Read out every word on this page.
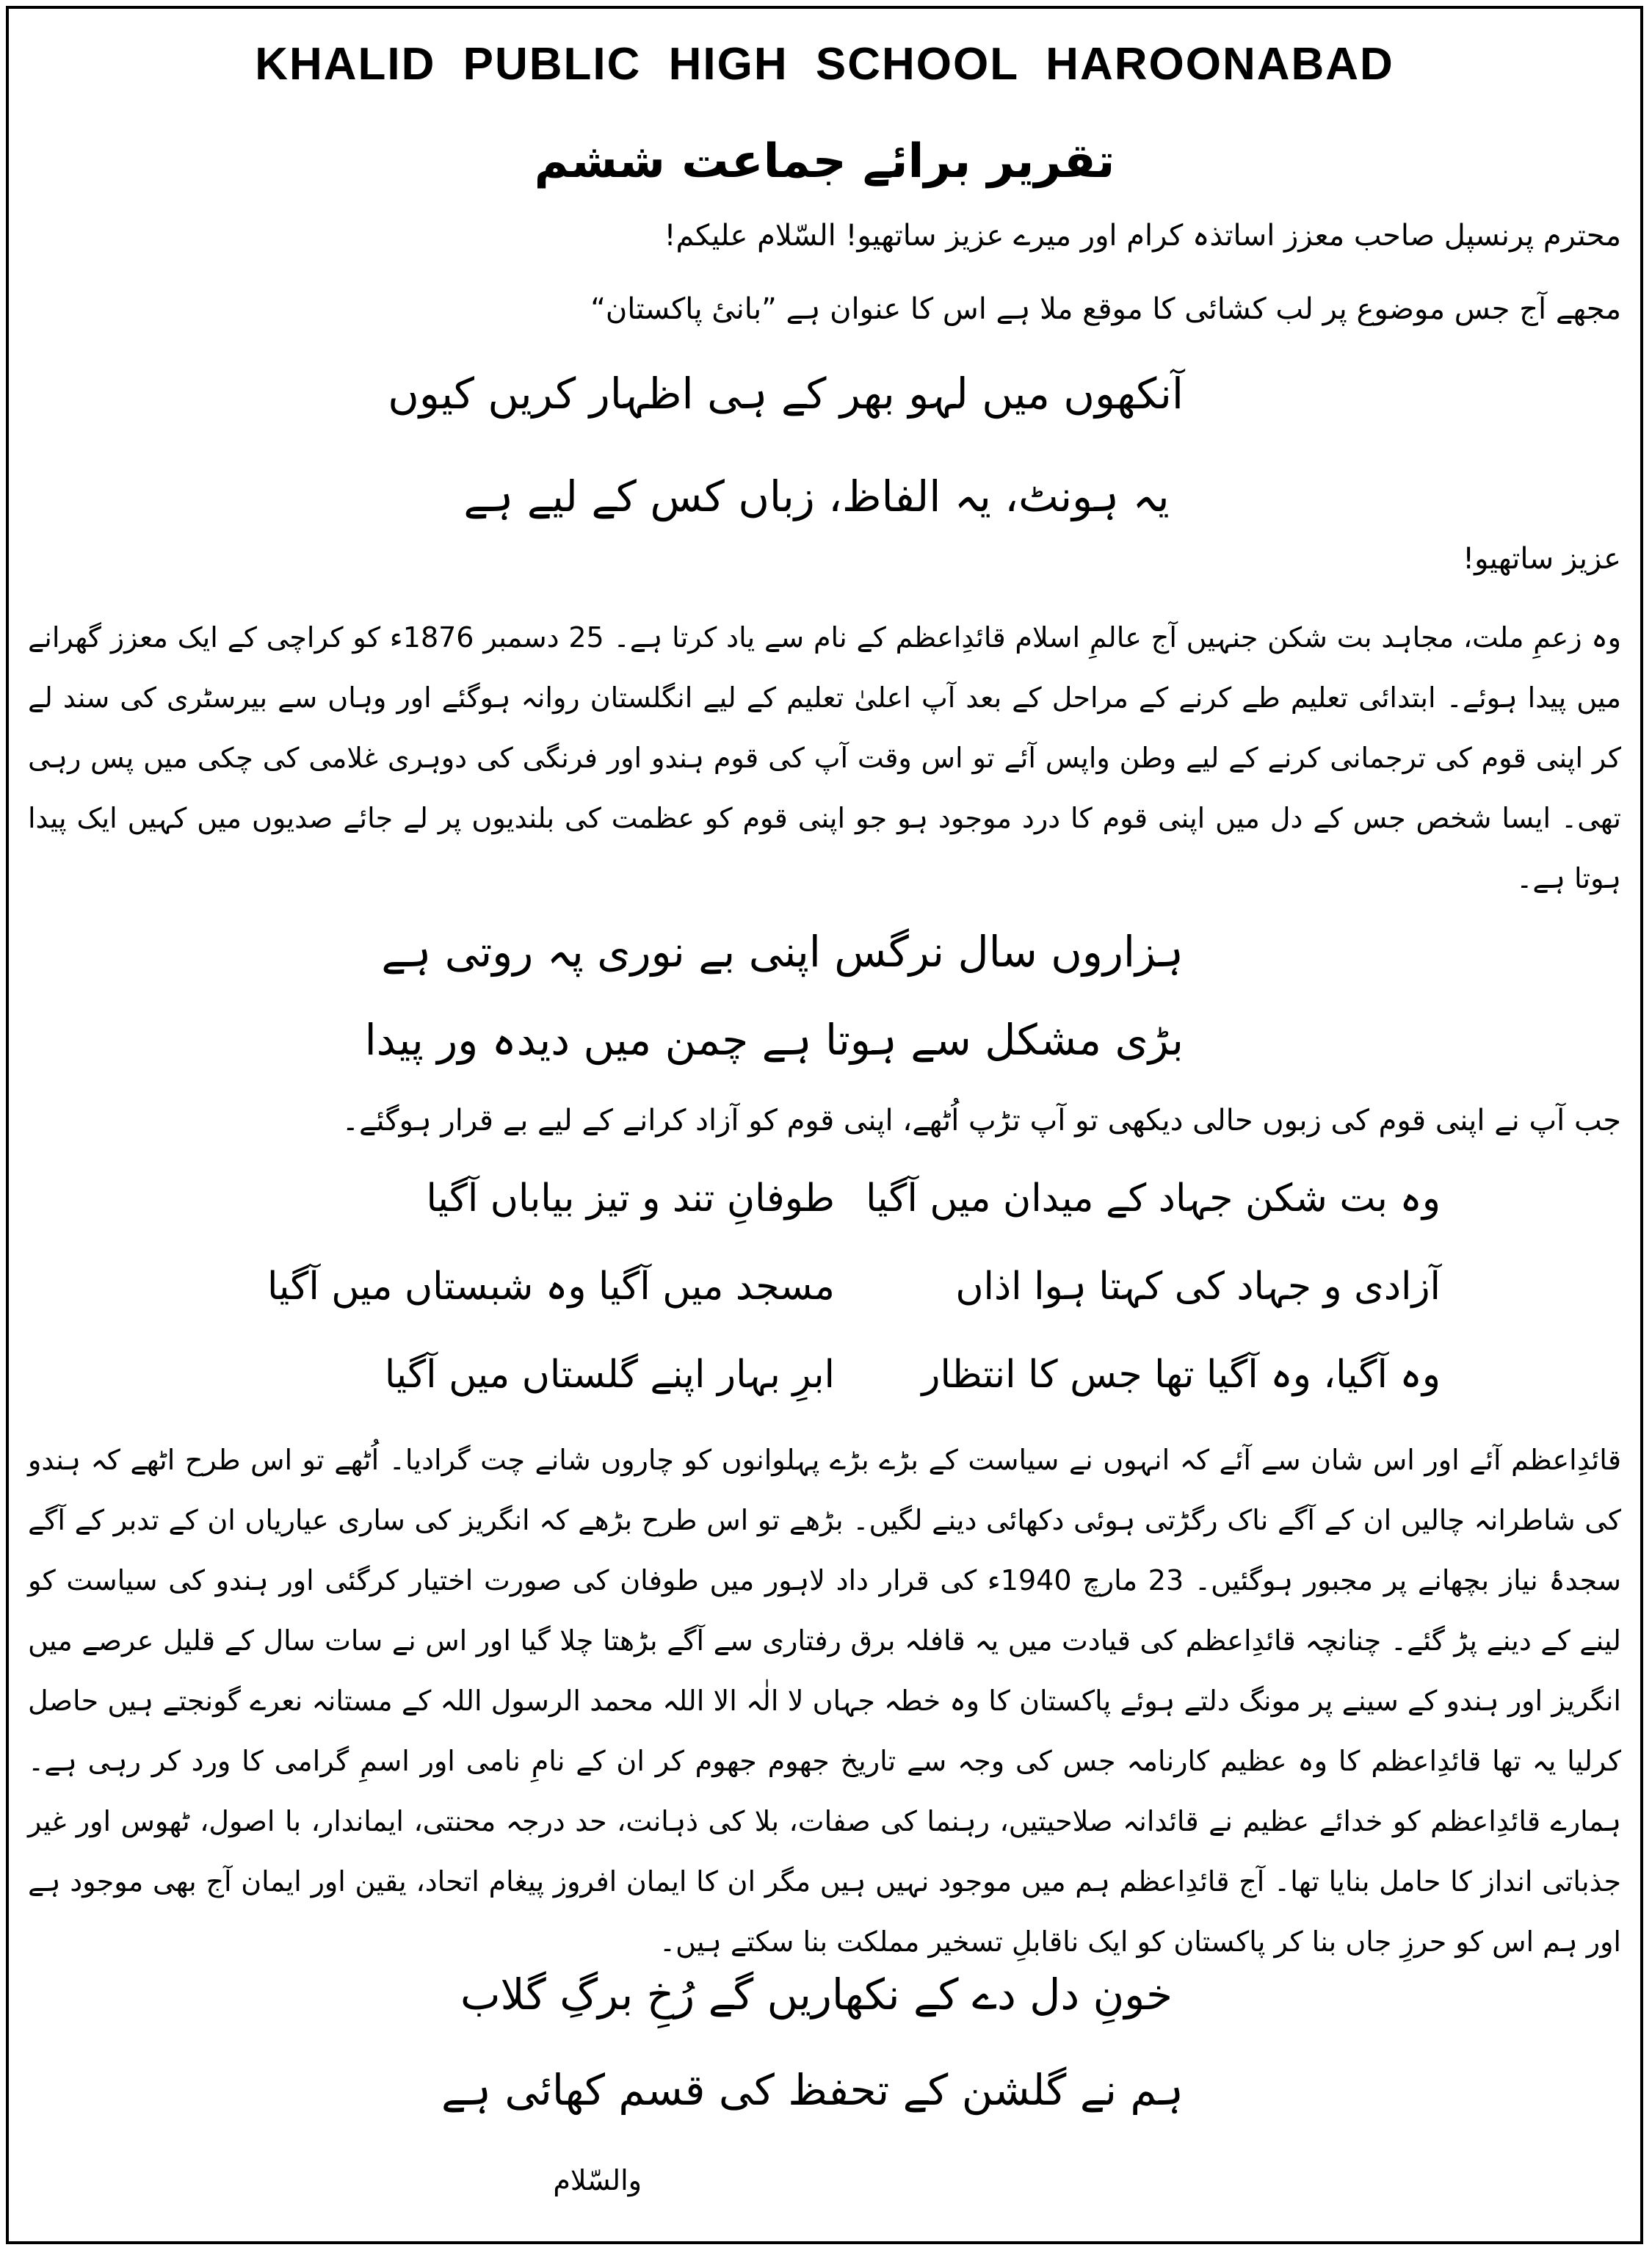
KHALID PUBLIC HIGH SCHOOL HAROONABAD
تقریر برائے جماعت ششم
محترم پرنسپل صاحب معزز اساتذہ کرام اور میرے عزیز ساتھیو! السّلام علیکم!
مجھے آج جس موضوع پر لب کشائی کا موقع ملا ہے اس کا عنوان ہے ”بانیٔ پاکستان“
آنکھوں میں لہو بھر کے ہی اظہار کریں کیوں
یہ ہونٹ، یہ الفاظ، زباں کس کے لیے ہے
عزیز ساتھیو!
وہ زعمِ ملت، مجاہد بت شکن جنہیں آج عالمِ اسلام قائدِاعظم کے نام سے یاد کرتا ہے۔ 25 دسمبر 1876ء کو کراچی کے ایک معزز گھرانے میں پیدا ہوئے۔ ابتدائی تعلیم طے کرنے کے مراحل کے بعد آپ اعلیٰ تعلیم کے لیے انگلستان روانہ ہوگئے اور وہاں سے بیرسٹری کی سند لے کر اپنی قوم کی ترجمانی کرنے کے لیے وطن واپس آئے تو اس وقت آپ کی قوم ہندو اور فرنگی کی دوہری غلامی کی چکی میں پس رہی تھی۔ ایسا شخص جس کے دل میں اپنی قوم کا درد موجود ہو جو اپنی قوم کو عظمت کی بلندیوں پر لے جائے صدیوں میں کہیں ایک پیدا ہوتا ہے۔
ہزاروں سال نرگس اپنی بے نوری پہ روتی ہے
بڑی مشکل سے ہوتا ہے چمن میں دیدہ ور پیدا
جب آپ نے اپنی قوم کی زبوں حالی دیکھی تو آپ تڑپ اُٹھے، اپنی قوم کو آزاد کرانے کے لیے بے قرار ہوگئے۔
وہ بت شکن جہاد کے میدان میں آگیا
طوفانِ تند و تیز بیاباں آگیا
آزادی و جہاد کی کہتا ہوا اذاں
مسجد میں آگیا وہ شبستاں میں آگیا
وہ آگیا، وہ آگیا تھا جس کا انتظار
ابرِ بہار اپنے گلستاں میں آگیا
قائدِاعظم آئے اور اس شان سے آئے کہ انہوں نے سیاست کے بڑے بڑے پہلوانوں کو چاروں شانے چت گرادیا۔ اُٹھے تو اس طرح اٹھے کہ ہندو کی شاطرانہ چالیں ان کے آگے ناک رگڑتی ہوئی دکھائی دینے لگیں۔ بڑھے تو اس طرح بڑھے کہ انگریز کی ساری عیاریاں ان کے تدبر کے آگے سجدۂ نیاز بچھانے پر مجبور ہوگئیں۔ 23 مارچ 1940ء کی قرار داد لاہور میں طوفان کی صورت اختیار کرگئی اور ہندو کی سیاست کو لینے کے دینے پڑ گئے۔ چنانچہ قائدِاعظم کی قیادت میں یہ قافلہ برق رفتاری سے آگے بڑھتا چلا گیا اور اس نے سات سال کے قلیل عرصے میں انگریز اور ہندو کے سینے پر مونگ دلتے ہوئے پاکستان کا وہ خطہ جہاں لا الٰہ الا اللہ محمد الرسول اللہ کے مستانہ نعرے گونجتے ہیں حاصل کرلیا یہ تھا قائدِاعظم کا وہ عظیم کارنامہ جس کی وجہ سے تاریخ جھوم جھوم کر ان کے نامِ نامی اور اسمِ گرامی کا ورد کر رہی ہے۔ ہمارے قائدِاعظم کو خدائے عظیم نے قائدانہ صلاحیتیں، رہنما کی صفات، بلا کی ذہانت، حد درجہ محنتی، ایماندار، با اصول، ٹھوس اور غیر جذباتی انداز کا حامل بنایا تھا۔ آج قائدِاعظم ہم میں موجود نہیں ہیں مگر ان کا ایمان افروز پیغام اتحاد، یقین اور ایمان آج بھی موجود ہے اور ہم اس کو حرزِ جاں بنا کر پاکستان کو ایک ناقابلِ تسخیر مملکت بنا سکتے ہیں۔
خونِ دل دے کے نکھاریں گے رُخِ برگِ گلاب
ہم نے گلشن کے تحفظ کی قسم کھائی ہے
والسّلام
